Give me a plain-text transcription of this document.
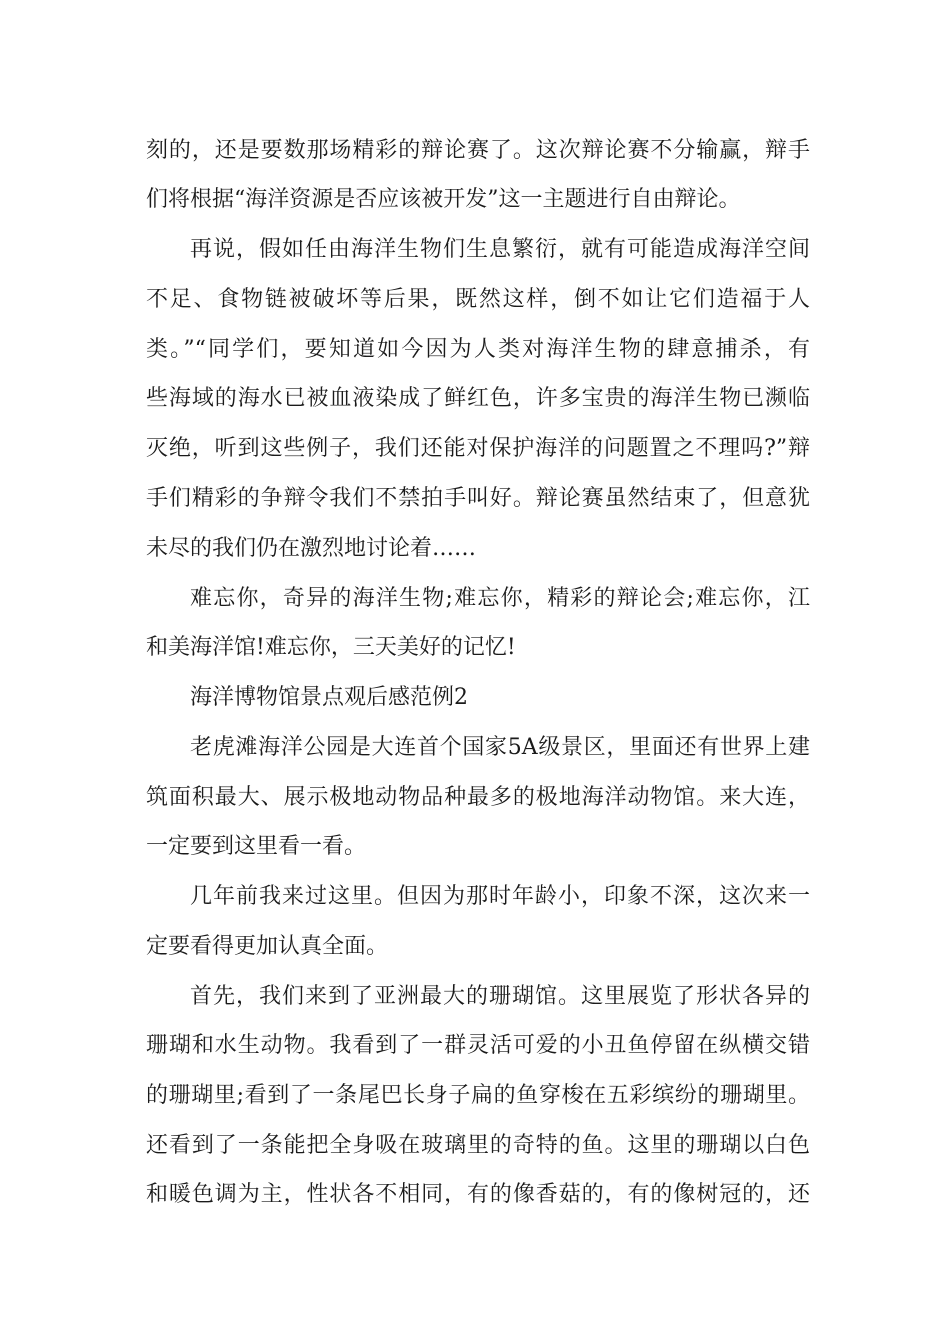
刻的，还是要数那场精彩的辩论赛了。这次辩论赛不分输赢，辩手
们将根据“海洋资源是否应该被开发”这一主题进行自由辩论。
再说，假如任由海洋生物们生息繁衍，就有可能造成海洋空间
不足、食物链被破坏等后果，既然这样，倒不如让它们造福于人
类。”“同学们，要知道如今因为人类对海洋生物的肆意捕杀，有
些海域的海水已被血液染成了鲜红色，许多宝贵的海洋生物已濒临
灭绝，听到这些例子，我们还能对保护海洋的问题置之不理吗?”辩
手们精彩的争辩令我们不禁拍手叫好。辩论赛虽然结束了，但意犹
未尽的我们仍在激烈地讨论着……
难忘你，奇异的海洋生物;难忘你，精彩的辩论会;难忘你，江
和美海洋馆!难忘你，三天美好的记忆!
海洋博物馆景点观后感范例2
老虎滩海洋公园是大连首个国家5A级景区，里面还有世界上建
筑面积最大、展示极地动物品种最多的极地海洋动物馆。来大连，
一定要到这里看一看。
几年前我来过这里。但因为那时年龄小，印象不深，这次来一
定要看得更加认真全面。
首先，我们来到了亚洲最大的珊瑚馆。这里展览了形状各异的
珊瑚和水生动物。我看到了一群灵活可爱的小丑鱼停留在纵横交错
的珊瑚里;看到了一条尾巴长身子扁的鱼穿梭在五彩缤纷的珊瑚里。
还看到了一条能把全身吸在玻璃里的奇特的鱼。这里的珊瑚以白色
和暖色调为主，性状各不相同，有的像香菇的，有的像树冠的，还
